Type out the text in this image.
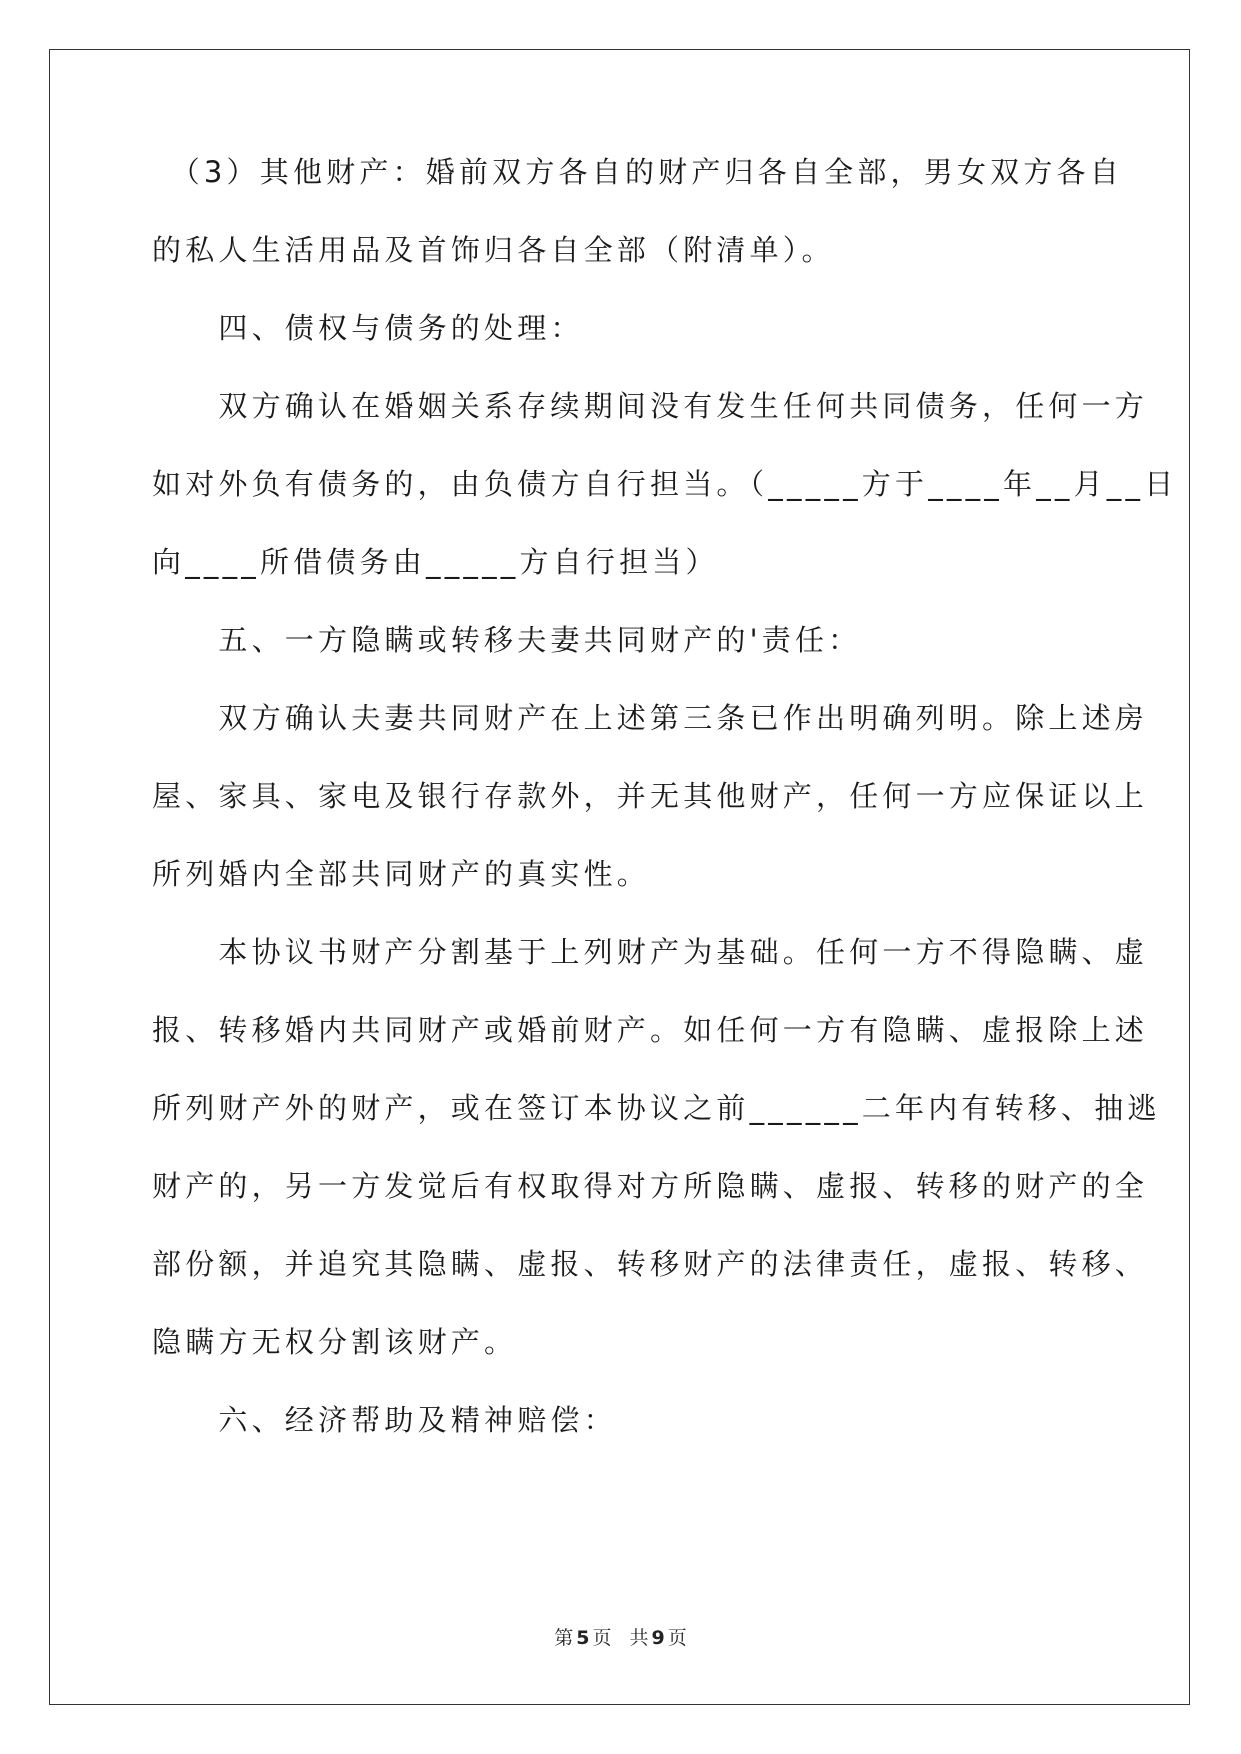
　（3）其他财产：婚前双方各自的财产归各自全部，男女双方各自
的私人生活用品及首饰归各自全部（附清单）。
　　四、债权与债务的处理：
　　双方确认在婚姻关系存续期间没有发生任何共同债务，任何一方
如对外负有债务的，由负债方自行担当。（_____方于____年__月__日
向____所借债务由_____方自行担当）
　　五、一方隐瞒或转移夫妻共同财产的'责任：
　　双方确认夫妻共同财产在上述第三条已作出明确列明。除上述房
屋、家具、家电及银行存款外，并无其他财产，任何一方应保证以上
所列婚内全部共同财产的真实性。
　　本协议书财产分割基于上列财产为基础。任何一方不得隐瞒、虚
报、转移婚内共同财产或婚前财产。如任何一方有隐瞒、虚报除上述
所列财产外的财产，或在签订本协议之前______二年内有转移、抽逃
财产的，另一方发觉后有权取得对方所隐瞒、虚报、转移的财产的全
部份额，并追究其隐瞒、虚报、转移财产的法律责任，虚报、转移、
隐瞒方无权分割该财产。
　　六、经济帮助及精神赔偿：
第 5 页 共 9 页
